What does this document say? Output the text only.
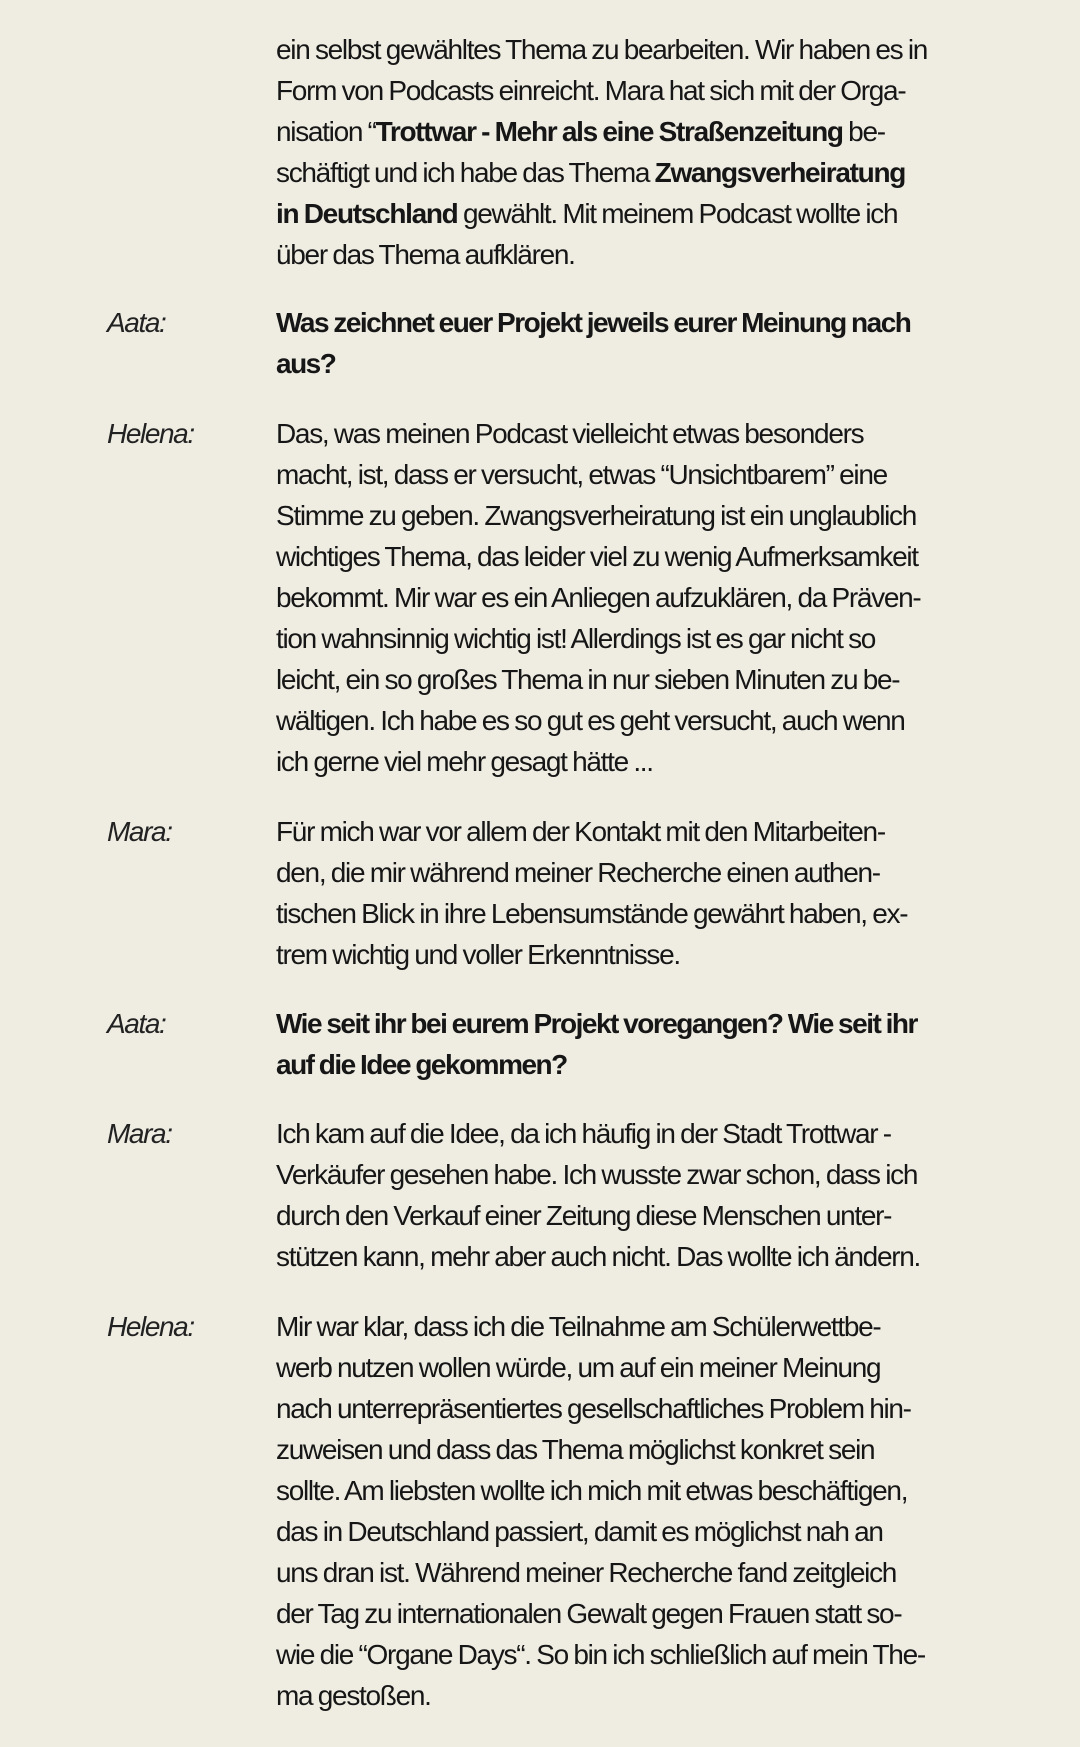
ein selbst gewähltes Thema zu bearbeiten. Wir haben es in
Form von Podcasts einreicht. Mara hat sich mit der Orga-
nisation “Trottwar - Mehr als eine Straßenzeitung be-
schäftigt und ich habe das Thema Zwangsverheiratung
in Deutschland gewählt. Mit meinem Podcast wollte ich
über das Thema aufklären.
Aata:	Was zeichnet euer Projekt jeweils eurer Meinung nach
aus?
Helena:	Das, was meinen Podcast vielleicht etwas besonders
macht, ist, dass er versucht, etwas “Unsichtbarem” eine
Stimme zu geben. Zwangsverheiratung ist ein unglaublich
wichtiges Thema, das leider viel zu wenig Aufmerksamkeit
bekommt. Mir war es ein Anliegen aufzuklären, da Präven-
tion wahnsinnig wichtig ist! Allerdings ist es gar nicht so
leicht, ein so großes Thema in nur sieben Minuten zu be-
wältigen. Ich habe es so gut es geht versucht, auch wenn
ich gerne viel mehr gesagt hätte ...
Mara:	Für mich war vor allem der Kontakt mit den Mitarbeiten-
den, die mir während meiner Recherche einen authen-
tischen Blick in ihre Lebensumstände gewährt haben, ex-
trem wichtig und voller Erkenntnisse.
Aata:	Wie seit ihr bei eurem Projekt voregangen? Wie seit ihr
auf die Idee gekommen?
Mara:	Ich kam auf die Idee, da ich häufig in der Stadt Trottwar -
Verkäufer gesehen habe. Ich wusste zwar schon, dass ich
durch den Verkauf einer Zeitung diese Menschen unter-
stützen kann, mehr aber auch nicht. Das wollte ich ändern.
Helena:	Mir war klar, dass ich die Teilnahme am Schülerwettbe-
werb nutzen wollen würde, um auf ein meiner Meinung
nach unterrepräsentiertes gesellschaftliches Problem hin-
zuweisen und dass das Thema möglichst konkret sein
sollte. Am liebsten wollte ich mich mit etwas beschäftigen,
das in Deutschland passiert, damit es möglichst nah an
uns dran ist. Während meiner Recherche fand zeitgleich
der Tag zu internationalen Gewalt gegen Frauen statt so-
wie die “Organe Days“. So bin ich schließlich auf mein The-
ma gestoßen.
